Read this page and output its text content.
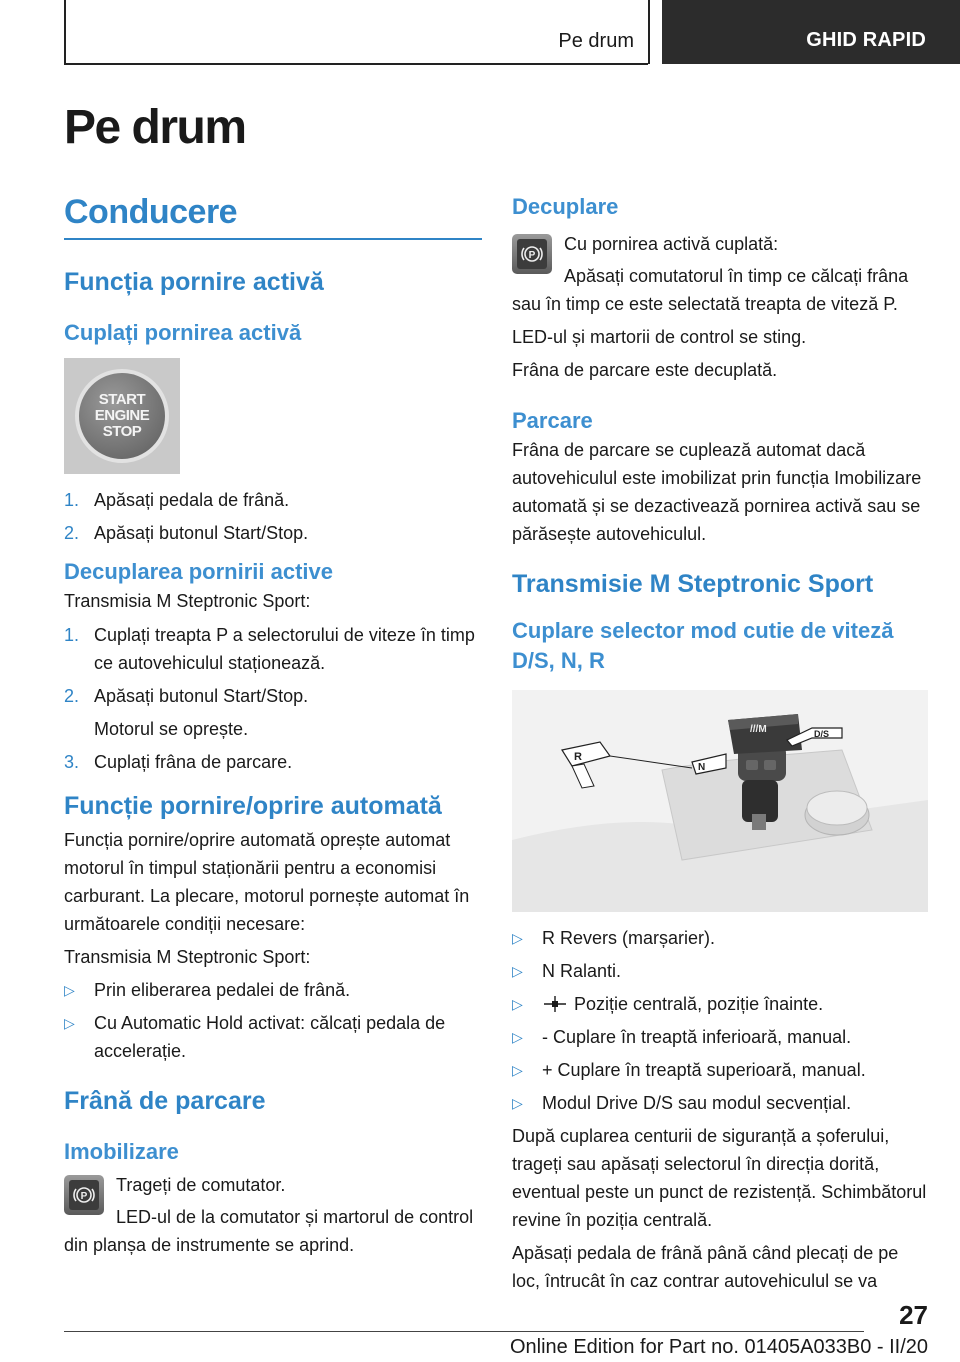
Pe drum	GHID RAPID
Pe drum
Conducere
Funcția pornire activă
Cuplați pornirea activă
START
ENGINE
STOP
1. Apăsați pedala de frână.
2. Apăsați butonul Start/Stop.
Decuplarea pornirii active

Transmisia M Steptronic Sport:

1. Cuplați treapta P a selectorului de viteze în timp ce autovehiculul staționează.
2. Apăsați butonul Start/Stop.
Motorul se oprește.
3. Cuplați frâna de parcare.
Funcție pornire/oprire automată

Funcția pornire/oprire automată oprește automat motorul în timpul staționării pentru a economisi carburant. La plecare, motorul pornește automat în următoarele condiții necesare:

Transmisia M Steptronic Sport:

▷ Prin eliberarea pedalei de frână.
▷ Cu Automatic Hold activat: călcați pedala de accelerație.
Frână de parcare
Imobilizare
P

Trageți de comutator.

LED-ul de la comutator și martorul de control din planșa de instrumente se aprind.

Decuplare
P

Cu pornirea activă cuplată:

Apăsați comutatorul în timp ce călcați frâna sau în timp ce este selectată treapta de viteză P.

LED-ul și martorii de control se sting.

Frâna de parcare este decuplată.

Parcare

Frâna de parcare se cuplează automat dacă autovehiculul este imobilizat prin funcția Imobilizare automată și se dezactivează pornirea activă sau se părăsește autovehiculul.

Transmisie M Steptronic Sport
Cuplare selector mod cutie de viteză D/S, N, R
///M	D/S
N
R
▷ R Revers (marșarier).
▷ N Ralanti.
▷	Poziție centrală, poziție înainte.
▷ - Cuplare în treaptă inferioară, manual.
▷ + Cuplare în treaptă superioară, manual.
▷ Modul Drive D/S sau modul secvențial.

După cuplarea centurii de siguranță a șoferului, trageți sau apăsați selectorul în direcția dorită, eventual peste un punct de rezistență. Schimbătorul revine în poziția centrală.

Apăsați pedala de frână până când plecați de pe loc, întrucât în caz contrar autovehiculul se va

27
Online Edition for Part no. 01405A033B0 - II/20
